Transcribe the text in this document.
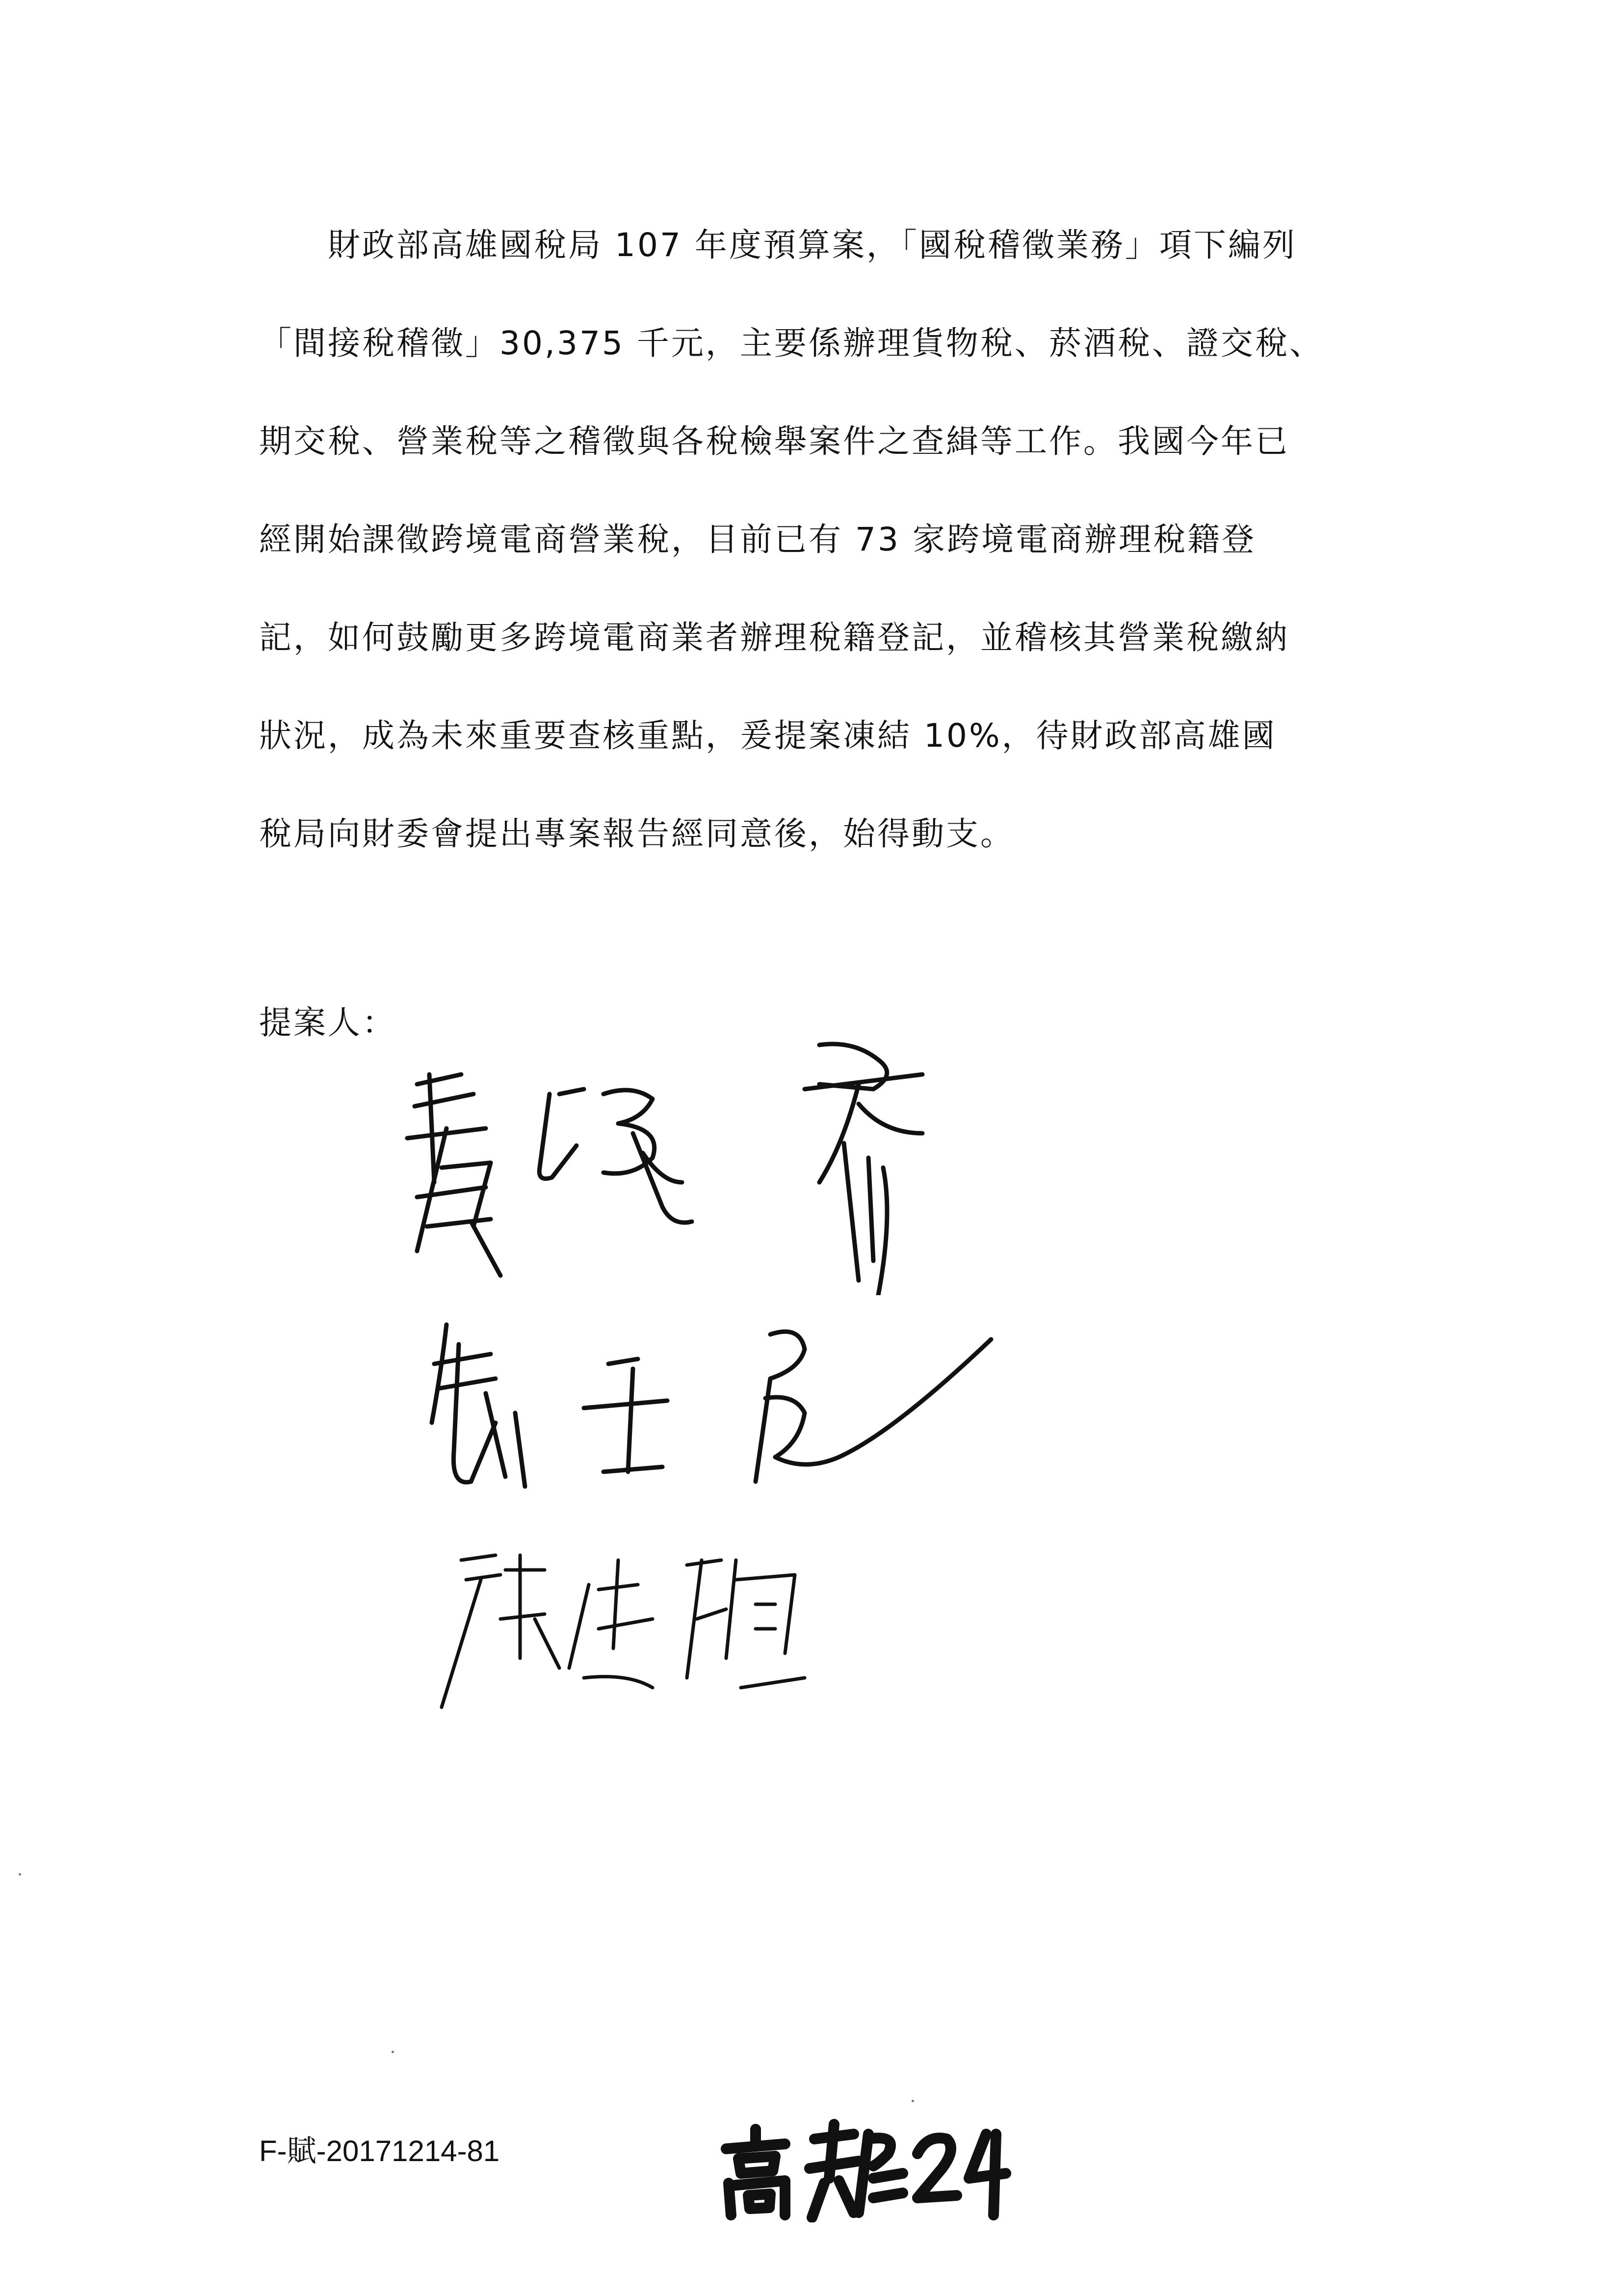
　　財政部高雄國稅局 107 年度預算案，「國稅稽徵業務」項下編列
「間接稅稽徵」30,375 千元，主要係辦理貨物稅、菸酒稅、證交稅、
期交稅、營業稅等之稽徵與各稅檢舉案件之查緝等工作。我國今年已
經開始課徵跨境電商營業稅，目前已有 73 家跨境電商辦理稅籍登
記，如何鼓勵更多跨境電商業者辦理稅籍登記，並稽核其營業稅繳納
狀況，成為未來重要查核重點，爰提案凍結 10%，待財政部高雄國
稅局向財委會提出專案報告經同意後，始得動支。
提案人：
F-賦-20171214-81
